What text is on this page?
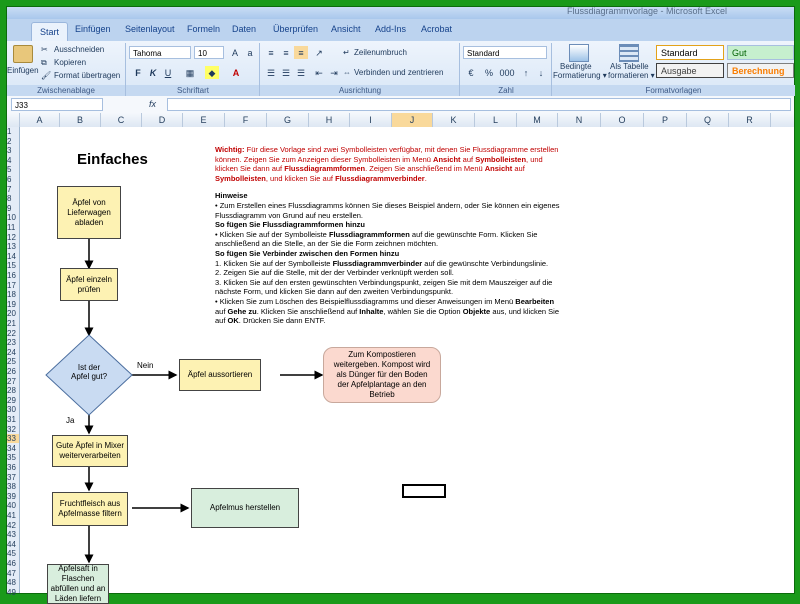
Flussdiagrammvorlage - Microsoft Excel
Start	Einfügen Seitenlayout Formeln Daten Überprüfen Ansicht Add-Ins Acrobat
Einfügen
✂ Ausschneiden
⧉ Kopieren
🖌 Format übertragen
Zwischenablage
Tahoma	10	A	a
F	K U	▦	◆	A
Schriftart
≡	≡	≡	↗
☰ ☰ ☰	⇤ ⇥
↵ Zeilenumbruch
⇔ Verbinden und zentrieren
Ausrichtung
Standard
€	% 000	↑	↓
Zahl
Bedingte
Formatierung ▾
Als Tabelle
formatieren ▾
Standard	Gut
Ausgabe	Berechnung
Formatvorlagen
J33	fx
A	B	C	D	E	F	G	H	I	J	K	L	M	N	O	P	Q	R
1
2
3
4
5
6
7
8
9
10
11
12
13
14
15
16
17
18
19
20
21
22
23
24
25
26
27
28
29
30
31
32
33
34
35
36
37
38
39
40
41
42
43
44
45
46
47
48
49
Einfaches
Äpfel von Lieferwagen abladen
Äpfel einzeln prüfen
Ist der Apfel gut?
Nein
Ja
Äpfel aussortieren
Zum Kompostieren weitergeben. Kompost wird als Dünger für den Boden der Apfelplantage an den Betrieb
Gute Äpfel in Mixer weiterverarbeiten
Fruchtfleisch aus Apfelmasse filtern
Apfelmus herstellen
Apfelsaft in Flaschen abfüllen und an Läden liefern
Wichtig: Für diese Vorlage sind zwei Symbolleisten verfügbar, mit denen Sie Flussdiagramme erstellen können. Zeigen Sie zum Anzeigen dieser Symbolleisten im Menü Ansicht auf Symbolleisten, und klicken Sie dann auf Flussdiagrammformen. Zeigen Sie anschließend im Menü Ansicht auf Symbolleisten, und klicken Sie auf Flussdiagrammverbinder.
Hinweise
• Zum Erstellen eines Flussdiagramms können Sie dieses Beispiel ändern, oder Sie können ein eigenes Flussdiagramm von Grund auf neu erstellen.
So fügen Sie Flussdiagrammformen hinzu
• Klicken Sie auf der Symbolleiste Flussdiagrammformen auf die gewünschte Form. Klicken Sie anschließend an die Stelle, an der Sie die Form zeichnen möchten.
So fügen Sie Verbinder zwischen den Formen hinzu
1. Klicken Sie auf der Symbolleiste Flussdiagrammverbinder auf die gewünschte Verbindungslinie.
2. Zeigen Sie auf die Stelle, mit der der Verbinder verknüpft werden soll.
3. Klicken Sie auf den ersten gewünschten Verbindungspunkt, zeigen Sie mit dem Mauszeiger auf die nächste Form, und klicken Sie dann auf den zweiten Verbindungspunkt.
• Klicken Sie zum Löschen des Beispielflussdiagramms und dieser Anweisungen im Menü Bearbeiten auf Gehe zu. Klicken Sie anschließend auf Inhalte, wählen Sie die Option Objekte aus, und klicken Sie auf OK. Drücken Sie dann ENTF.
